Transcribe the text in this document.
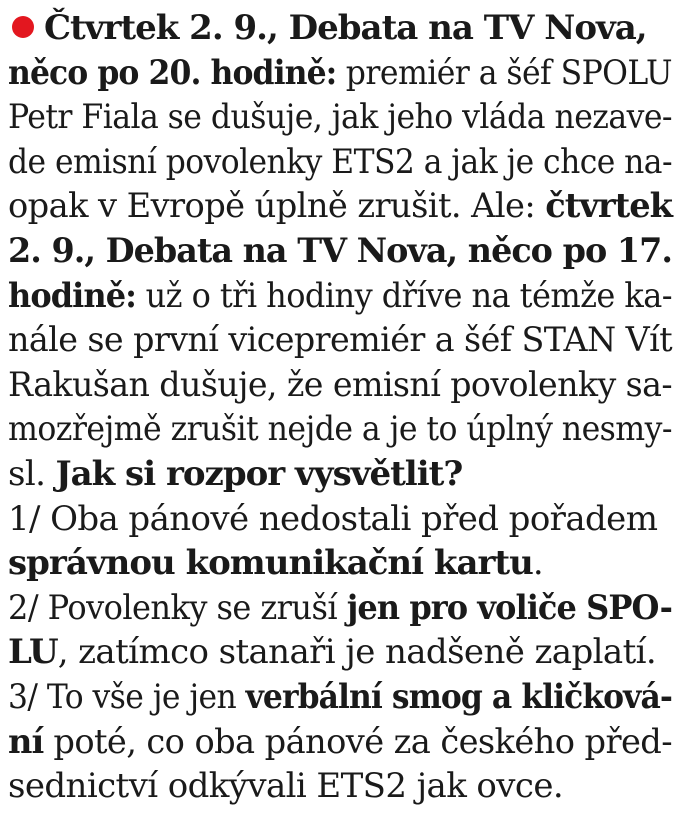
Čtvrtek 2. 9., Debata na TV Nova,
něco po 20. hodině: premiér a šéf SPOLU
Petr Fiala se dušuje, jak jeho vláda nezave-
de emisní povolenky ETS2 a jak je chce na-
opak v Evropě úplně zrušit. Ale: čtvrtek
2. 9., Debata na TV Nova, něco po 17.
hodině: už o tři hodiny dříve na témže ka-
nále se první vicepremiér a šéf STAN Vít
Rakušan dušuje, že emisní povolenky sa-
mozřejmě zrušit nejde a je to úplný nesmy-
sl. Jak si rozpor vysvětlit?
1/ Oba pánové nedostali před pořadem
správnou komunikační kartu.
2/ Povolenky se zruší jen pro voliče SPO-
LU, zatímco stanaři je nadšeně zaplatí.
3/ To vše je jen verbální smog a kličková-
ní poté, co oba pánové za českého před-
sednictví odkývali ETS2 jak ovce.
